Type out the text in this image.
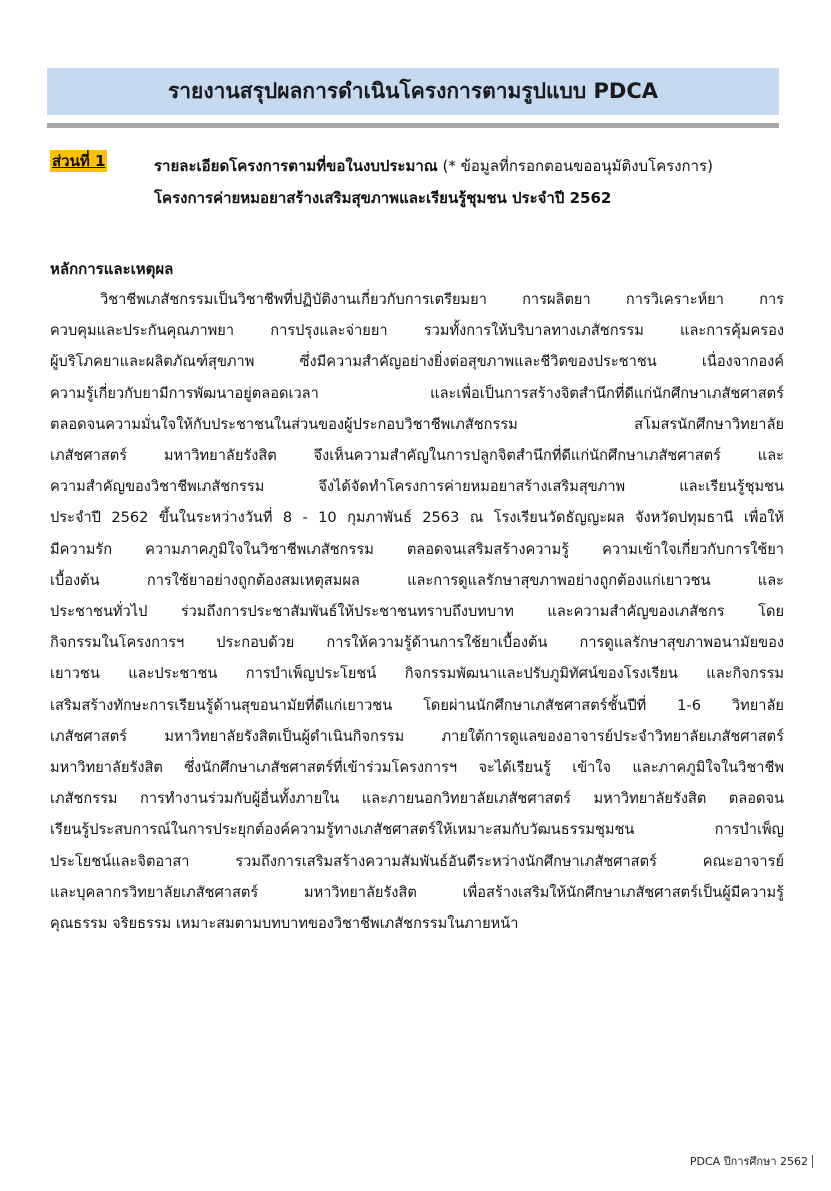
รายงานสรุปผลการดำเนินโครงการตามรูปแบบ PDCA
ส่วนที่ 1	รายละเอียดโครงการตามที่ขอในงบประมาณ (* ข้อมูลที่กรอกตอนขออนุมัติงบโครงการ)
โครงการค่ายหมอยาสร้างเสริมสุขภาพและเรียนรู้ชุมชน ประจำปี 2562
หลักการและเหตุผล
วิชาชีพเภสัชกรรมเป็นวิชาชีพที่ปฏิบัติงานเกี่ยวกับการเตรียมยา การผลิตยา การวิเคราะห์ยา การ
ควบคุมและประกันคุณภาพยา การปรุงและจ่ายยา รวมทั้งการให้บริบาลทางเภสัชกรรม และการคุ้มครอง
ผู้บริโภคยาและผลิตภัณฑ์สุขภาพ ซึ่งมีความสำคัญอย่างยิ่งต่อสุขภาพและชีวิตของประชาชน เนื่องจากองค์
ความรู้เกี่ยวกับยามีการพัฒนาอยู่ตลอดเวลา และเพื่อเป็นการสร้างจิตสำนึกที่ดีแก่นักศึกษาเภสัชศาสตร์
ตลอดจนความมั่นใจให้กับประชาชนในส่วนของผู้ประกอบวิชาชีพเภสัชกรรม สโมสรนักศึกษาวิทยาลัย
เภสัชศาสตร์ มหาวิทยาลัยรังสิต จึงเห็นความสำคัญในการปลูกจิตสำนึกที่ดีแก่นักศึกษาเภสัชศาสตร์ และ
ความสำคัญของวิชาชีพเภสัชกรรม จึงได้จัดทำโครงการค่ายหมอยาสร้างเสริมสุขภาพ และเรียนรู้ชุมชน
ประจำปี 2562 ขึ้นในระหว่างวันที่ 8 - 10 กุมภาพันธ์ 2563 ณ โรงเรียนวัดธัญญะผล จังหวัดปทุมธานี เพื่อให้
มีความรัก ความภาคภูมิใจในวิชาชีพเภสัชกรรม ตลอดจนเสริมสร้างความรู้ ความเข้าใจเกี่ยวกับการใช้ยา
เบื้องต้น การใช้ยาอย่างถูกต้องสมเหตุสมผล และการดูแลรักษาสุขภาพอย่างถูกต้องแก่เยาวชน และ
ประชาชนทั่วไป ร่วมถึงการประชาสัมพันธ์ให้ประชาชนทราบถึงบทบาท และความสำคัญของเภสัชกร โดย
กิจกรรมในโครงการฯ ประกอบด้วย การให้ความรู้ด้านการใช้ยาเบื้องต้น การดูแลรักษาสุขภาพอนามัยของ
เยาวชน และประชาชน การบำเพ็ญประโยชน์ กิจกรรมพัฒนาและปรับภูมิทัศน์ของโรงเรียน และกิจกรรม
เสริมสร้างทักษะการเรียนรู้ด้านสุขอนามัยที่ดีแก่เยาวชน โดยผ่านนักศึกษาเภสัชศาสตร์ชั้นปีที่ 1-6 วิทยาลัย
เภสัชศาสตร์ มหาวิทยาลัยรังสิตเป็นผู้ดำเนินกิจกรรม ภายใต้การดูแลของอาจารย์ประจำวิทยาลัยเภสัชศาสตร์
มหาวิทยาลัยรังสิต ซึ่งนักศึกษาเภสัชศาสตร์ที่เข้าร่วมโครงการฯ จะได้เรียนรู้ เข้าใจ และภาคภูมิใจในวิชาชีพ
เภสัชกรรม การทำงานร่วมกับผู้อื่นทั้งภายใน และภายนอกวิทยาลัยเภสัชศาสตร์ มหาวิทยาลัยรังสิต ตลอดจน
เรียนรู้ประสบการณ์ในการประยุกต์องค์ความรู้ทางเภสัชศาสตร์ให้เหมาะสมกับวัฒนธรรมชุมชน การบำเพ็ญ
ประโยชน์และจิตอาสา รวมถึงการเสริมสร้างความสัมพันธ์อันดีระหว่างนักศึกษาเภสัชศาสตร์ คณะอาจารย์
และบุคลากรวิทยาลัยเภสัชศาสตร์ มหาวิทยาลัยรังสิต เพื่อสร้างเสริมให้นักศึกษาเภสัชศาสตร์เป็นผู้มีความรู้
คุณธรรม จริยธรรม เหมาะสมตามบทบาทของวิชาชีพเภสัชกรรมในภายหน้า
PDCA ปีการศึกษา 2562
